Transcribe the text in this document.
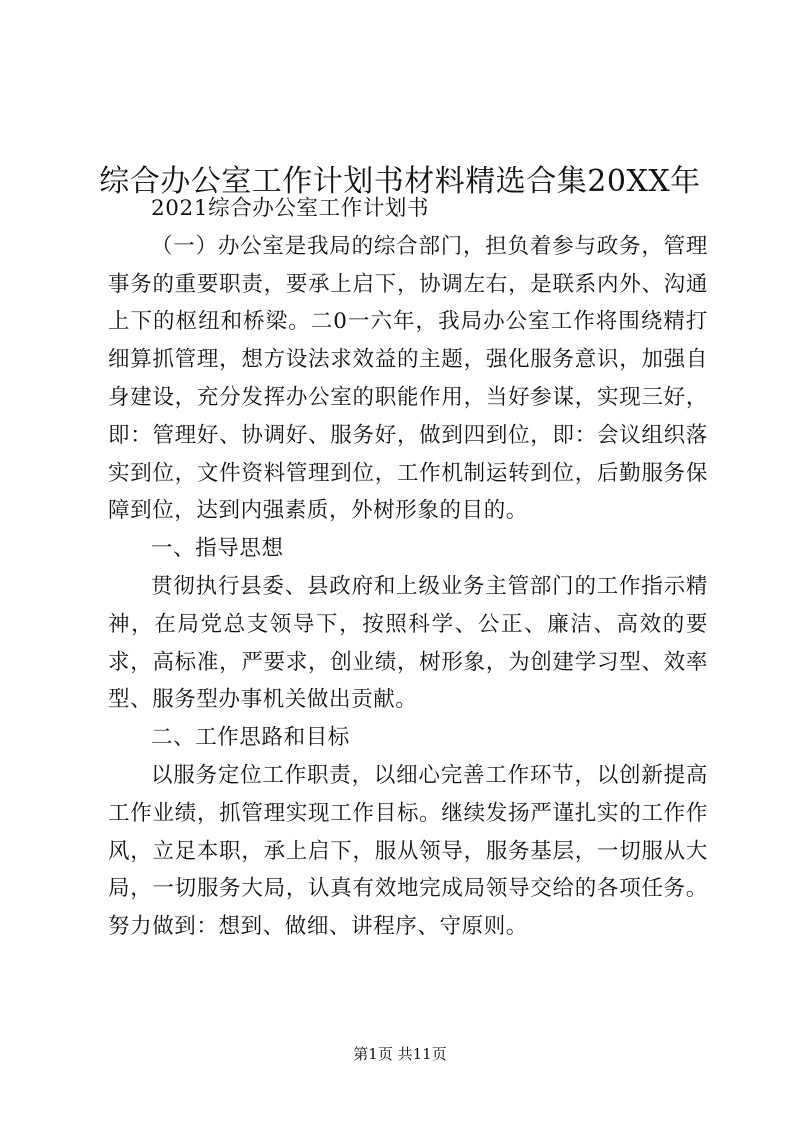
综合办公室工作计划书材料精选合集20XX年

2021综合办公室工作计划书

（一）办公室是我局的综合部门，担负着参与政务，管理事务的重要职责，要承上启下，协调左右，是联系内外、沟通上下的枢纽和桥梁。二0一六年，我局办公室工作将围绕精打细算抓管理，想方设法求效益的主题，强化服务意识，加强自身建设，充分发挥办公室的职能作用，当好参谋，实现三好，即：管理好、协调好、服务好，做到四到位，即：会议组织落实到位，文件资料管理到位，工作机制运转到位，后勤服务保障到位，达到内强素质，外树形象的目的。

一、指导思想

贯彻执行县委、县政府和上级业务主管部门的工作指示精神，在局党总支领导下，按照科学、公正、廉洁、高效的要求，高标准，严要求，创业绩，树形象，为创建学习型、效率型、服务型办事机关做出贡献。

二、工作思路和目标

以服务定位工作职责，以细心完善工作环节，以创新提高工作业绩，抓管理实现工作目标。继续发扬严谨扎实的工作作风，立足本职，承上启下，服从领导，服务基层，一切服从大局，一切服务大局，认真有效地完成局领导交给的各项任务。努力做到：想到、做细、讲程序、守原则。

第1页 共11页
